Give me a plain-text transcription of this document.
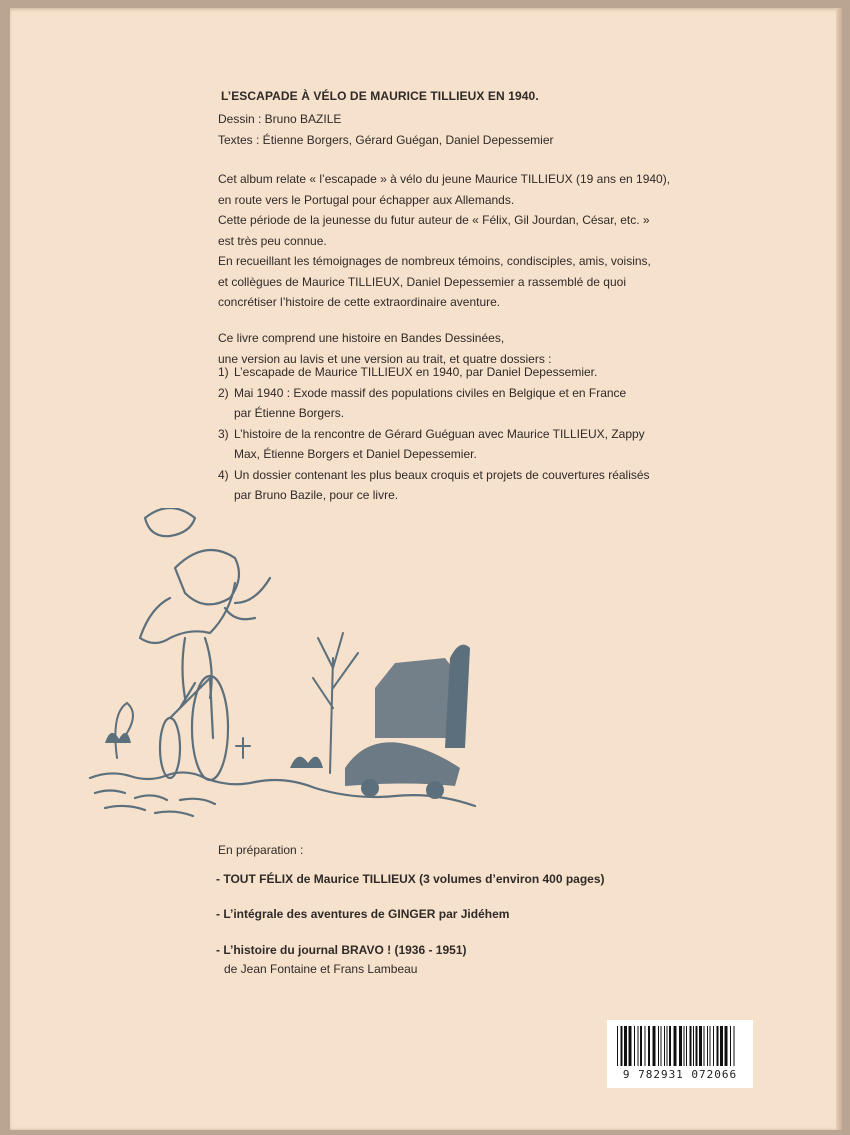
L’ESCAPADE À VÉLO DE MAURICE TILLIEUX EN 1940.
Dessin : Bruno BAZILE
Textes : Étienne Borgers, Gérard Guégan, Daniel Depessemier
Cet album relate « l’escapade » à vélo du jeune Maurice TILLIEUX (19 ans en 1940),
en route vers le Portugal pour échapper aux Allemands.
Cette période de la jeunesse du futur auteur de « Félix, Gil Jourdan, César, etc. »
est très peu connue.
En recueillant les témoignages de nombreux témoins, condisciples, amis, voisins,
et collègues de Maurice TILLIEUX, Daniel Depessemier a rassemblé de quoi
concrétiser l’histoire de cette extraordinaire aventure.
Ce livre comprend une histoire en Bandes Dessinées,
une version au lavis et une version au trait, et quatre dossiers :
1) L’escapade de Maurice TILLIEUX en 1940, par Daniel Depessemier.
2) Mai 1940 : Exode massif des populations civiles en Belgique et en France
par Étienne Borgers.
3) L’histoire de la rencontre de Gérard Guéguan avec Maurice TILLIEUX, Zappy
Max, Étienne Borgers et Daniel Depessemier.
4) Un dossier contenant les plus beaux croquis et projets de couvertures réalisés
par Bruno Bazile, pour ce livre.
En préparation :
- TOUT FÉLIX de Maurice TILLIEUX (3 volumes d’environ 400 pages)
- L’intégrale des aventures de GINGER par Jidéhem
- L’histoire du journal BRAVO ! (1936 - 1951)
de Jean Fontaine et Frans Lambeau
9 782931 072066
